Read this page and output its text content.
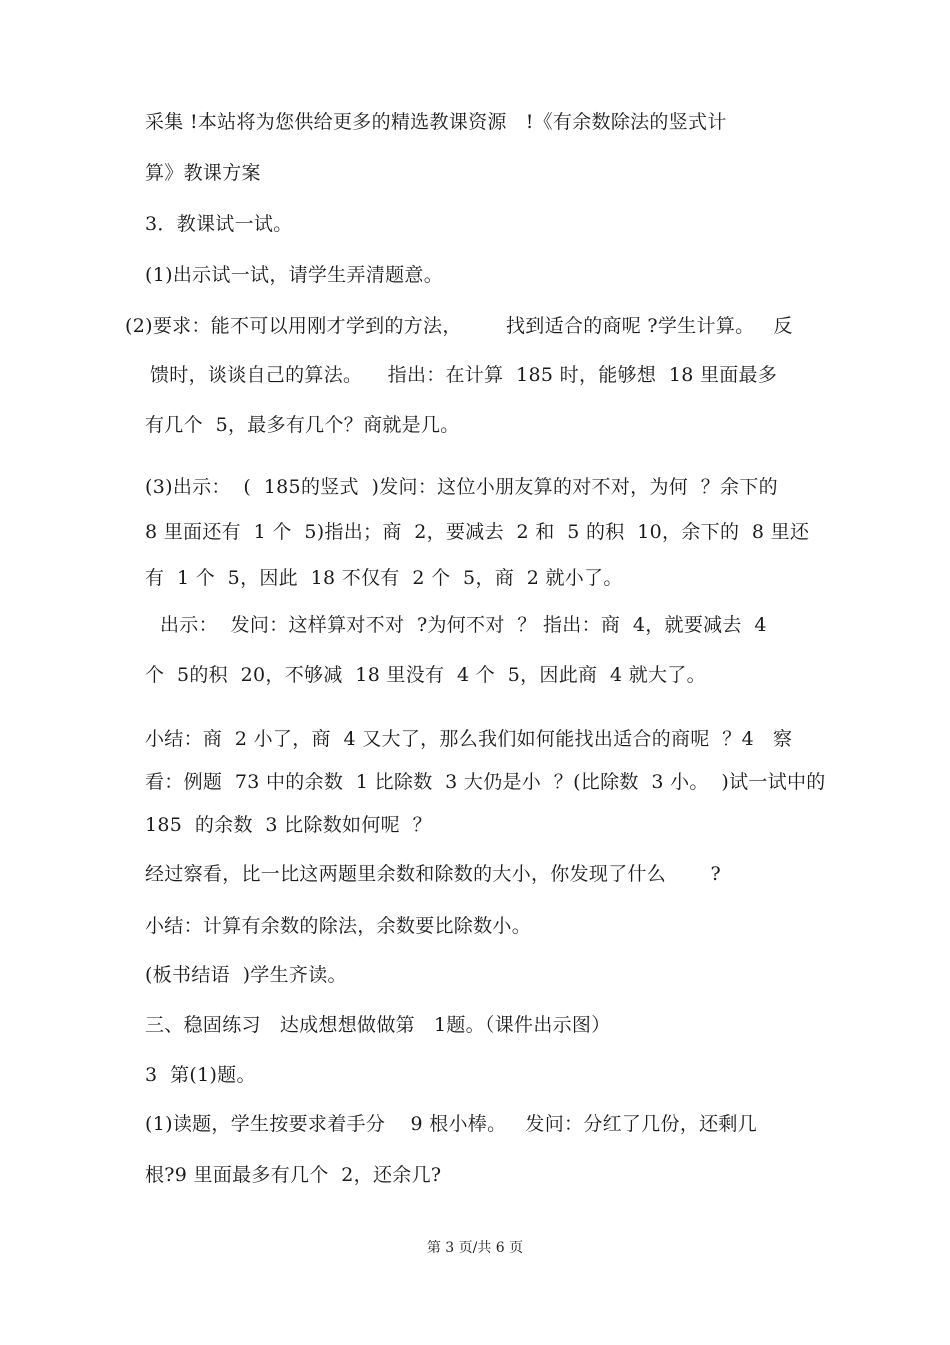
采集 !本站将为您供给更多的精选教课资源   !《有余数除法的竖式计
算》教课方案
3．教课试一试。
(1)出示试一试，请学生弄清题意。
(2)要求：能不可以用刚才学到的方法，       找到适合的商呢 ?学生计算。   反
馈时，谈谈自己的算法。    指出：在计算  185 时，能够想  18 里面最多
有几个  5，最多有几个？商就是几。
(3)出示：  (  185的竖式  )发问：这位小朋友算的对不对，为何  ？余下的
8 里面还有  1 个  5)指出；商  2，要减去  2 和  5 的积  10，余下的  8 里还
有  1 个  5，因此  18 不仅有  2 个  5，商  2 就小了。
出示：  发问：这样算对不对  ?为何不对  ？ 指出：商  4，就要减去  4
个  5的积  20，不够减  18 里没有  4 个  5，因此商  4 就大了。
小结：商  2 小了，商  4 又大了，那么我们如何能找出适合的商呢  ？4   察
看：例题  73 中的余数  1 比除数  3 大仍是小  ？(比除数  3 小。  )试一试中的
185  的余数  3 比除数如何呢  ？
经过察看，比一比这两题里余数和除数的大小，你发现了什么       ?
小结：计算有余数的除法，余数要比除数小。
(板书结语  )学生齐读。
三、稳固练习   达成想想做做第   1题。（课件出示图）
3  第(1)题。
(1)读题，学生按要求着手分    9 根小棒。   发问：分红了几份，还剩几
根?9 里面最多有几个  2，还余几?
第 3 页/共 6 页
